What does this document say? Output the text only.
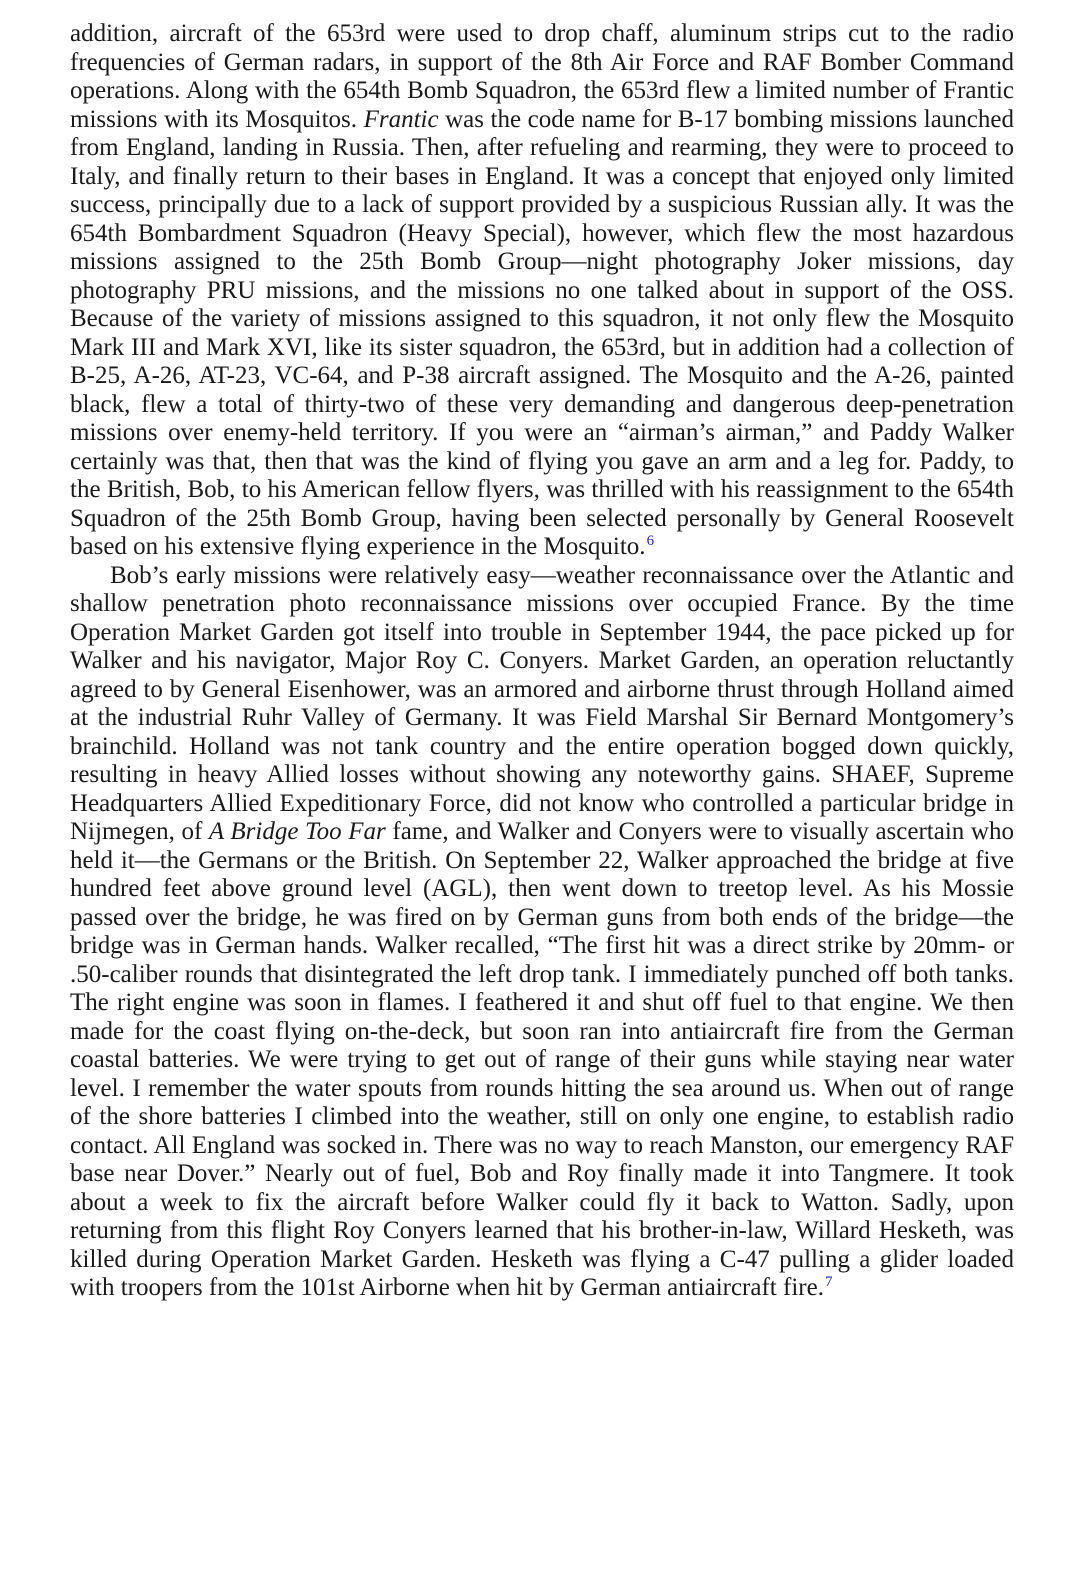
addition, aircraft of the 653rd were used to drop chaff, aluminum strips cut to the radio frequencies of German radars, in support of the 8th Air Force and RAF Bomber Command operations. Along with the 654th Bomb Squadron, the 653rd flew a limited number of Frantic missions with its Mosquitos. Frantic was the code name for B-17 bombing missions launched from England, landing in Russia. Then, after refueling and rearming, they were to proceed to Italy, and finally return to their bases in England. It was a concept that enjoyed only limited success, principally due to a lack of support provided by a suspicious Russian ally. It was the 654th Bombardment Squadron (Heavy Special), however, which flew the most hazardous missions assigned to the 25th Bomb Group—night photography Joker missions, day photography PRU missions, and the missions no one talked about in support of the OSS. Because of the variety of missions assigned to this squadron, it not only flew the Mosquito Mark III and Mark XVI, like its sister squadron, the 653rd, but in addition had a collection of B-25, A-26, AT-23, VC-64, and P-38 aircraft assigned. The Mosquito and the A-26, painted black, flew a total of thirty-two of these very demanding and dangerous deep-penetration missions over enemy-held territory. If you were an “airman’s airman,” and Paddy Walker certainly was that, then that was the kind of flying you gave an arm and a leg for. Paddy, to the British, Bob, to his American fellow flyers, was thrilled with his reassignment to the 654th Squadron of the 25th Bomb Group, having been selected personally by General Roosevelt based on his extensive flying experience in the Mosquito.$^6$

Bob’s early missions were relatively easy—weather reconnaissance over the Atlantic and shallow penetration photo reconnaissance missions over occupied France. By the time Operation Market Garden got itself into trouble in September 1944, the pace picked up for Walker and his navigator, Major Roy C. Conyers. Market Garden, an operation reluctantly agreed to by General Eisenhower, was an armored and airborne thrust through Holland aimed at the industrial Ruhr Valley of Germany. It was Field Marshal Sir Bernard Montgomery’s brainchild. Holland was not tank country and the entire operation bogged down quickly, resulting in heavy Allied losses without showing any noteworthy gains. SHAEF, Supreme Headquarters Allied Expeditionary Force, did not know who controlled a particular bridge in Nijmegen, of A Bridge Too Far fame, and Walker and Conyers were to visually ascertain who held it—the Germans or the British. On September 22, Walker approached the bridge at five hundred feet above ground level (AGL), then went down to treetop level. As his Mossie passed over the bridge, he was fired on by German guns from both ends of the bridge—the bridge was in German hands. Walker recalled, “The first hit was a direct strike by 20mm- or .50-caliber rounds that disintegrated the left drop tank. I immediately punched off both tanks. The right engine was soon in flames. I feathered it and shut off fuel to that engine. We then made for the coast flying on-the-deck, but soon ran into antiaircraft fire from the German coastal batteries. We were trying to get out of range of their guns while staying near water level. I remember the water spouts from rounds hitting the sea around us. When out of range of the shore batteries I climbed into the weather, still on only one engine, to establish radio contact. All England was socked in. There was no way to reach Manston, our emergency RAF base near Dover.” Nearly out of fuel, Bob and Roy finally made it into Tangmere. It took about a week to fix the aircraft before Walker could fly it back to Watton. Sadly, upon returning from this flight Roy Conyers learned that his brother-in-law, Willard Hesketh, was killed during Operation Market Garden. Hesketh was flying a C-47 pulling a glider loaded with troopers from the 101st Airborne when hit by German antiaircraft fire.$^7$
